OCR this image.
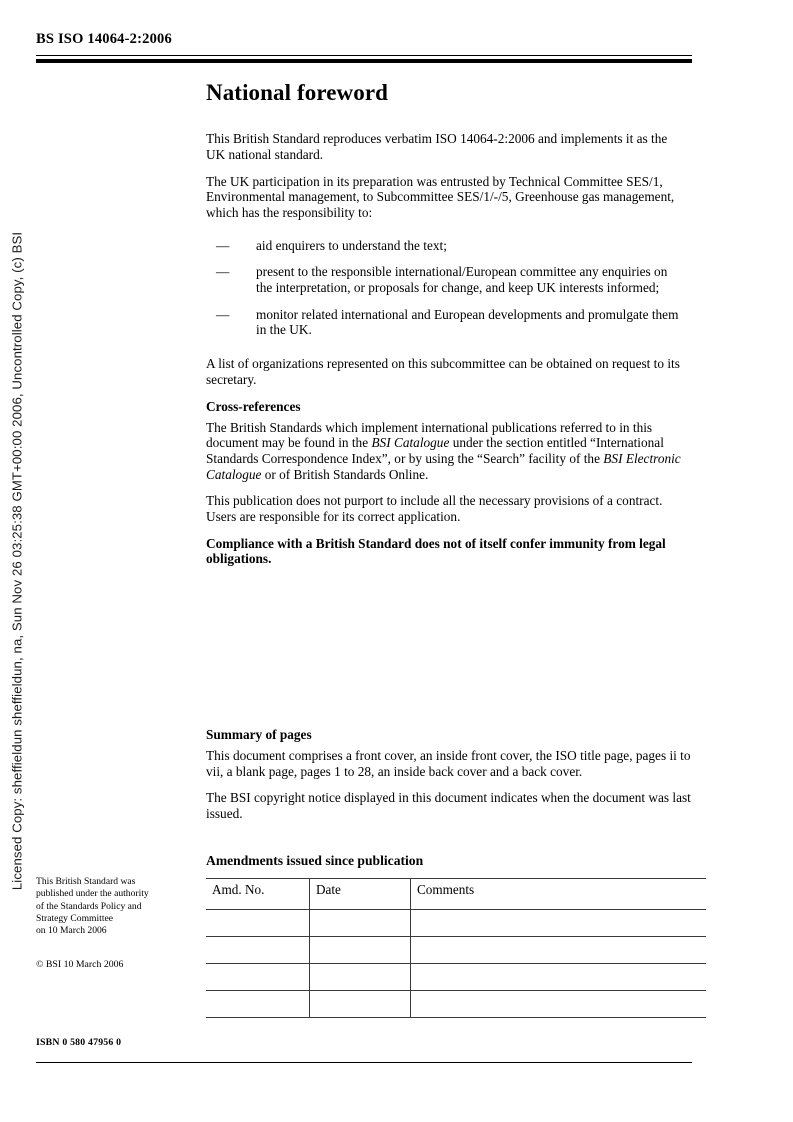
Licensed Copy: sheffieldun sheffieldun, na, Sun Nov 26 03:25:38 GMT+00:00 2006, Uncontrolled Copy, (c) BSI
BS ISO 14064-2:2006
National foreword

This British Standard reproduces verbatim ISO 14064-2:2006 and implements it as the UK national standard.

The UK participation in its preparation was entrusted by Technical Committee SES/1, Environmental management, to Subcommittee SES/1/-/5, Greenhouse gas management, which has the responsibility to:

— aid enquirers to understand the text;
— present to the responsible international/European committee any enquiries on the interpretation, or proposals for change, and keep UK interests informed;
— monitor related international and European developments and promulgate them in the UK.

A list of organizations represented on this subcommittee can be obtained on request to its secretary.

Cross-references

The British Standards which implement international publications referred to in this document may be found in the BSI Catalogue under the section entitled “International Standards Correspondence Index”, or by using the “Search” facility of the BSI Electronic Catalogue or of British Standards Online.

This publication does not purport to include all the necessary provisions of a contract. Users are responsible for its correct application.

Compliance with a British Standard does not of itself confer immunity from legal obligations.

Summary of pages

This document comprises a front cover, an inside front cover, the ISO title page, pages ii to vii, a blank page, pages 1 to 28, an inside back cover and a back cover.

The BSI copyright notice displayed in this document indicates when the document was last issued.

Amendments issued since publication
Amd. No.	Date	Comments

This British Standard was
published under the authority
of the Standards Policy and
Strategy Committee
on 10 March 2006
© BSI 10 March 2006
ISBN 0 580 47956 0
